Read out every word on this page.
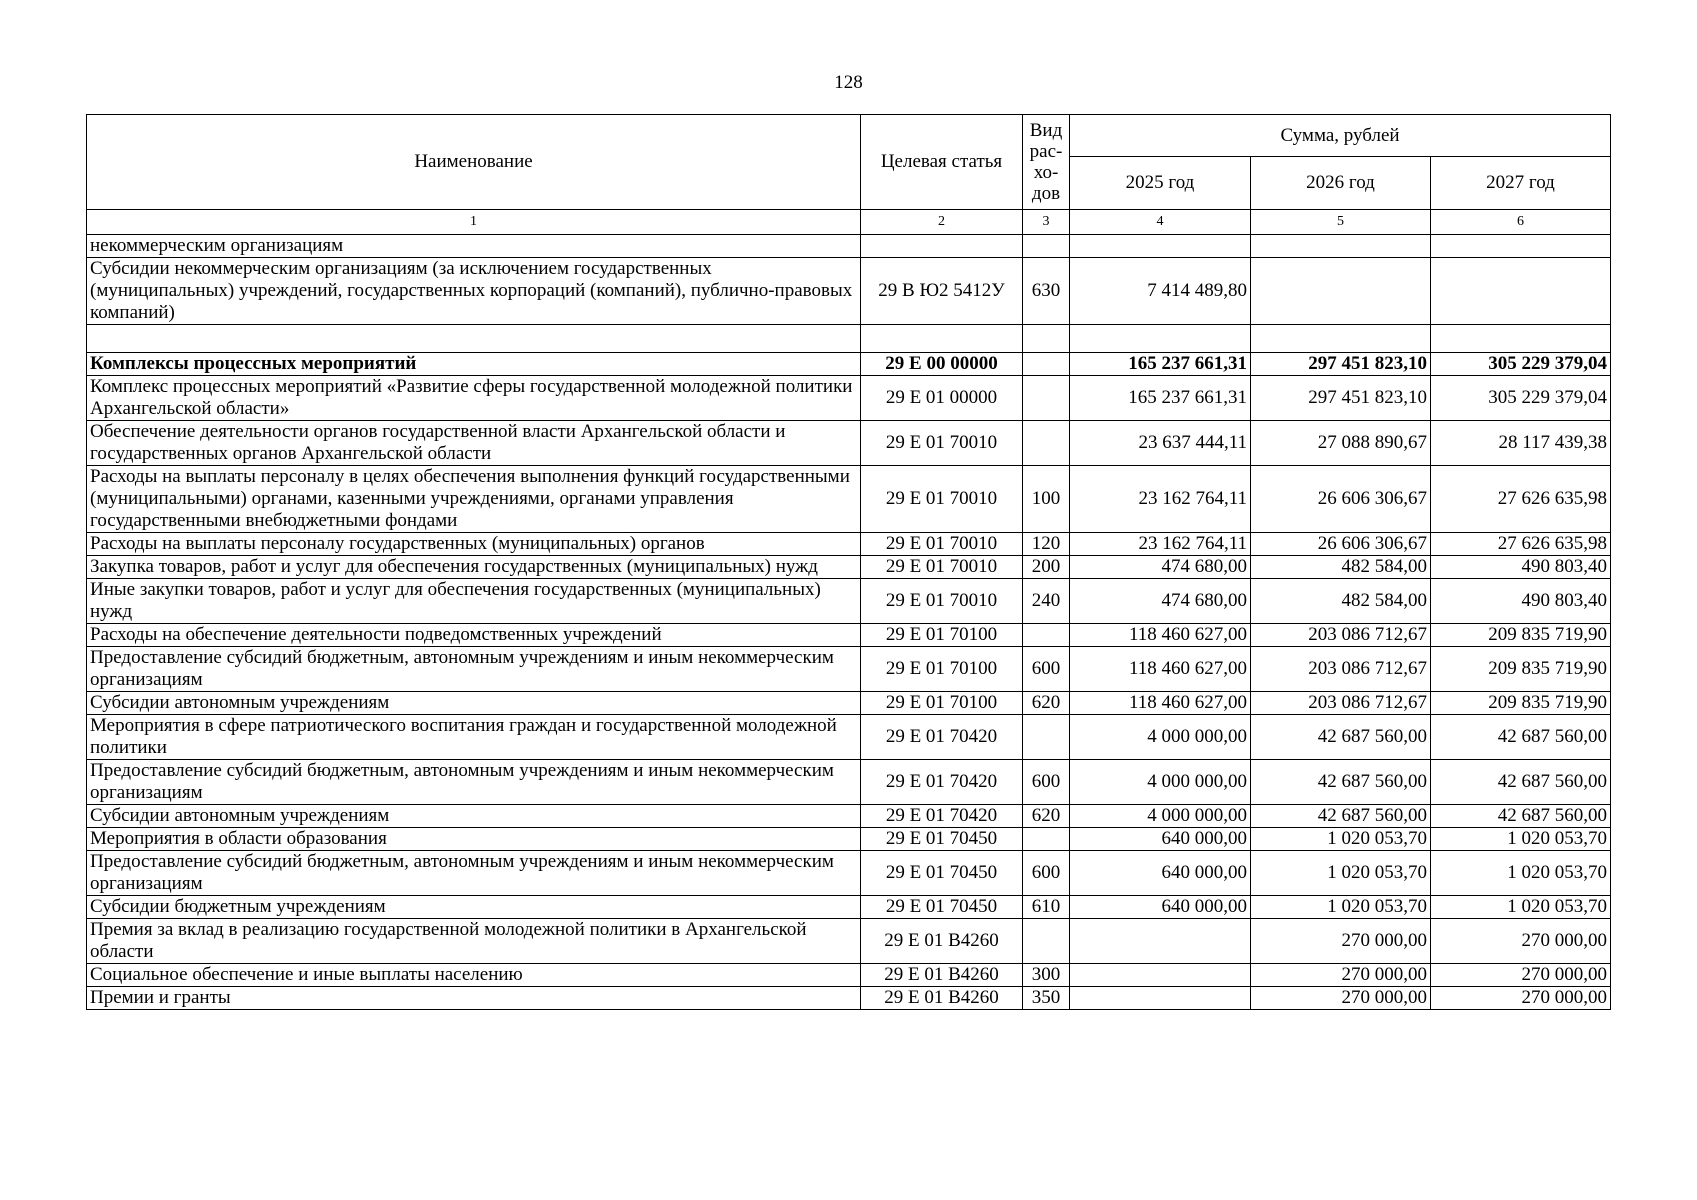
128
Наименование	Целевая статья	Вид
рас-
хо-
дов	Сумма, рублей		
			2025 год	2026 год	2027 год
1	2	3	4	5	6
некоммерческим организациям					
Субсидии некоммерческим организациям (за исключением государственных (муниципальных) учреждений, государственных корпораций (компаний), публично-правовых компаний)	29 В Ю2 5412У	630	7 414 489,80		

Комплексы процессных мероприятий	29 Е 00 00000		165 237 661,31	297 451 823,10	305 229 379,04
Комплекс процессных мероприятий «Развитие сферы государственной молодежной политики Архангельской области»	29 Е 01 00000		165 237 661,31	297 451 823,10	305 229 379,04
Обеспечение деятельности органов государственной власти Архангельской области и государственных органов Архангельской области	29 Е 01 70010		23 637 444,11	27 088 890,67	28 117 439,38
Расходы на выплаты персоналу в целях обеспечения выполнения функций государственными (муниципальными) органами, казенными учреждениями, органами управления государственными внебюджетными фондами	29 Е 01 70010	100	23 162 764,11	26 606 306,67	27 626 635,98
Расходы на выплаты персоналу государственных (муниципальных) органов	29 Е 01 70010	120	23 162 764,11	26 606 306,67	27 626 635,98
Закупка товаров, работ и услуг для обеспечения государственных (муниципальных) нужд	29 Е 01 70010	200	474 680,00	482 584,00	490 803,40
Иные закупки товаров, работ и услуг для обеспечения государственных (муниципальных) нужд	29 Е 01 70010	240	474 680,00	482 584,00	490 803,40
Расходы на обеспечение деятельности подведомственных учреждений	29 Е 01 70100		118 460 627,00	203 086 712,67	209 835 719,90
Предоставление субсидий бюджетным, автономным учреждениям и иным некоммерческим организациям	29 Е 01 70100	600	118 460 627,00	203 086 712,67	209 835 719,90
Субсидии автономным учреждениям	29 Е 01 70100	620	118 460 627,00	203 086 712,67	209 835 719,90
Мероприятия в сфере патриотического воспитания граждан и государственной молодежной политики	29 Е 01 70420		4 000 000,00	42 687 560,00	42 687 560,00
Предоставление субсидий бюджетным, автономным учреждениям и иным некоммерческим организациям	29 Е 01 70420	600	4 000 000,00	42 687 560,00	42 687 560,00
Субсидии автономным учреждениям	29 Е 01 70420	620	4 000 000,00	42 687 560,00	42 687 560,00
Мероприятия в области образования	29 Е 01 70450		640 000,00	1 020 053,70	1 020 053,70
Предоставление субсидий бюджетным, автономным учреждениям и иным некоммерческим организациям	29 Е 01 70450	600	640 000,00	1 020 053,70	1 020 053,70
Субсидии бюджетным учреждениям	29 Е 01 70450	610	640 000,00	1 020 053,70	1 020 053,70
Премия за вклад в реализацию государственной молодежной политики в Архангельской области	29 Е 01 В4260			270 000,00	270 000,00
Социальное обеспечение и иные выплаты населению	29 Е 01 В4260	300		270 000,00	270 000,00
Премии и гранты	29 Е 01 В4260	350		270 000,00	270 000,00
